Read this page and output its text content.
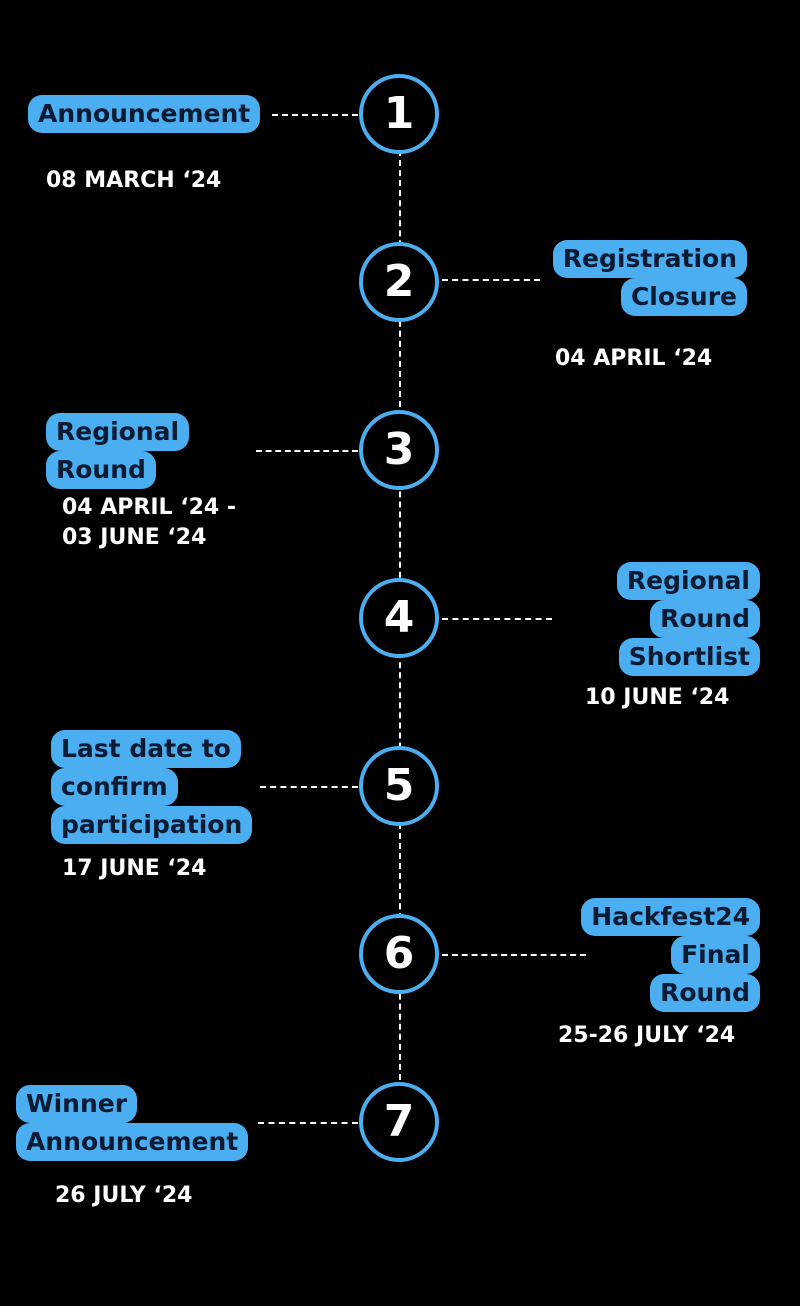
1
Announcement
08 MARCH ‘24
2	Registration
Closure
04 APRIL ‘24
3
Regional
Round
04 APRIL ‘24 -
03 JUNE ‘24
4
Regional
Round
Shortlist
10 JUNE ‘24
5
Last date to
confirm
participation
17 JUNE ‘24
6
Hackfest24
Final
Round
25-26 JULY ‘24
7
Winner
Announcement
26 JULY ‘24
